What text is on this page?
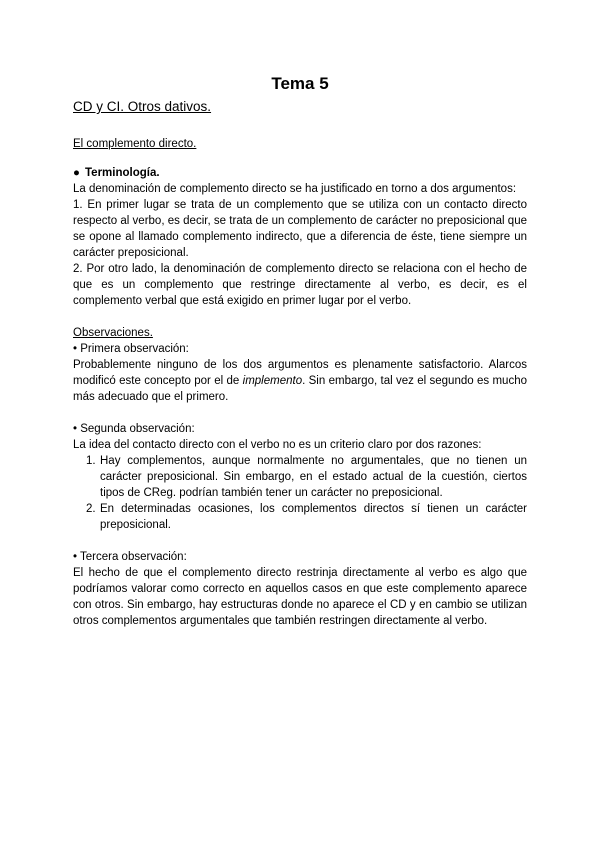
Tema 5
CD y CI. Otros dativos.

El complemento directo.

● Terminología.

La denominación de complemento directo se ha justificado en torno a dos argumentos:

1. En primer lugar se trata de un complemento que se utiliza con un contacto directo respecto al verbo, es decir, se trata de un complemento de carácter no preposicional que se opone al llamado complemento indirecto, que a diferencia de éste, tiene siempre un carácter preposicional.

2. Por otro lado, la denominación de complemento directo se relaciona con el hecho de que es un complemento que restringe directamente al verbo, es decir, es el complemento verbal que está exigido en primer lugar por el verbo.

Observaciones.

• Primera observación:

Probablemente ninguno de los dos argumentos es plenamente satisfactorio. Alarcos modificó este concepto por el de implemento. Sin embargo, tal vez el segundo es mucho más adecuado que el primero.

• Segunda observación:

La idea del contacto directo con el verbo no es un criterio claro por dos razones:

1. Hay complementos, aunque normalmente no argumentales, que no tienen un carácter preposicional. Sin embargo, en el estado actual de la cuestión, ciertos tipos de CReg. podrían también tener un carácter no preposicional.
2. En determinadas ocasiones, los complementos directos sí tienen un carácter preposicional.

• Tercera observación:

El hecho de que el complemento directo restrinja directamente al verbo es algo que podríamos valorar como correcto en aquellos casos en que este complemento aparece con otros. Sin embargo, hay estructuras donde no aparece el CD y en cambio se utilizan otros complementos argumentales que también restringen directamente al verbo.
